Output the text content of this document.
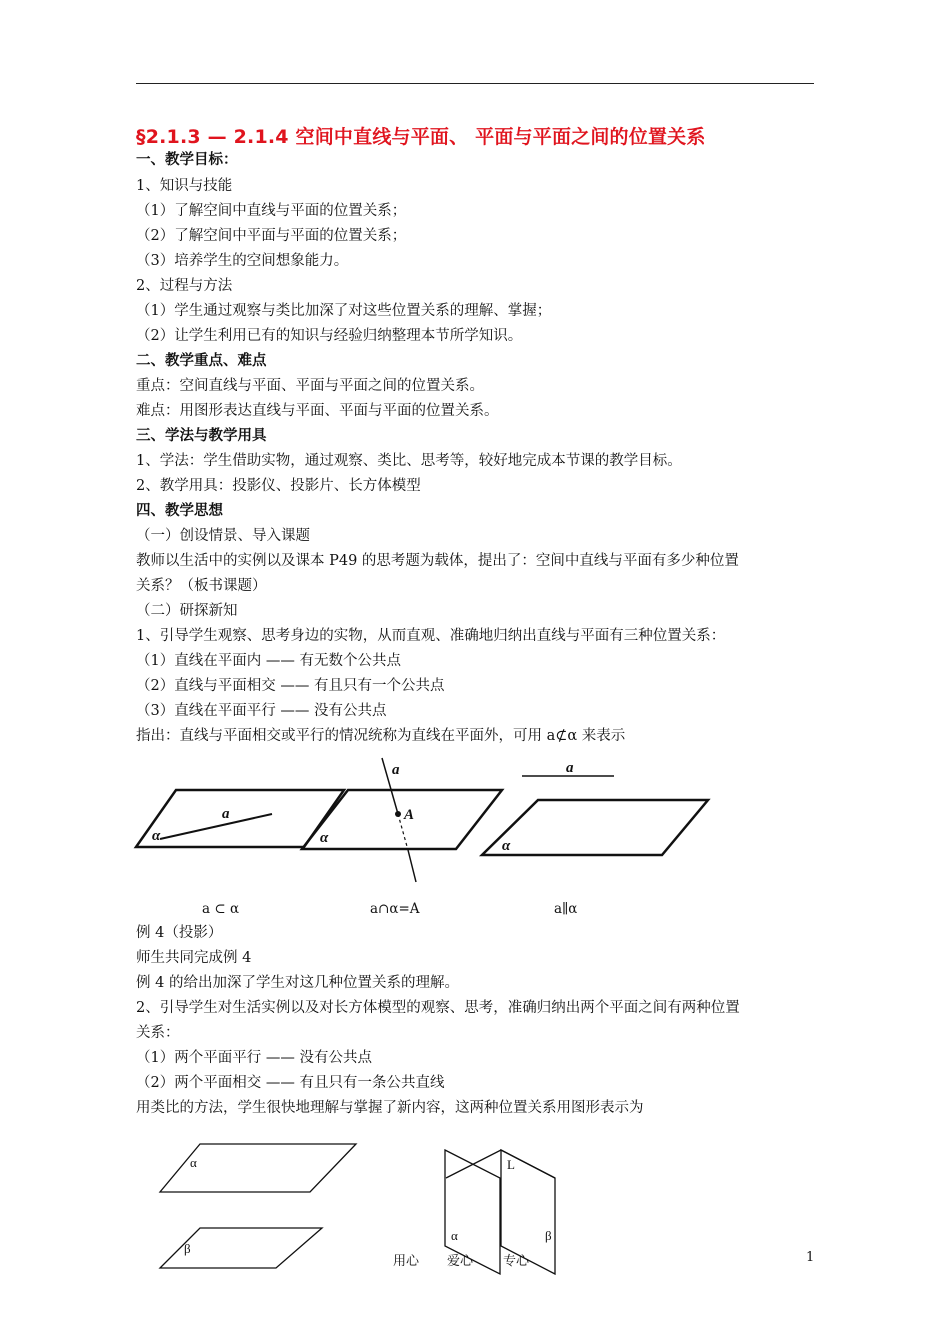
§2.1.3 — 2.1.4 空间中直线与平面、 平面与平面之间的位置关系
一、教学目标：
1、知识与技能
（1）了解空间中直线与平面的位置关系；
（2）了解空间中平面与平面的位置关系；
（3）培养学生的空间想象能力。
2、过程与方法
（1）学生通过观察与类比加深了对这些位置关系的理解、掌握；
（2）让学生利用已有的知识与经验归纳整理本节所学知识。
二、教学重点、难点
重点：空间直线与平面、平面与平面之间的位置关系。
难点：用图形表达直线与平面、平面与平面的位置关系。
三、学法与教学用具
1、学法：学生借助实物，通过观察、类比、思考等，较好地完成本节课的教学目标。
2、教学用具：投影仪、投影片、长方体模型
四、教学思想
（一）创设情景、导入课题
教师以生活中的实例以及课本 P49 的思考题为载体，提出了：空间中直线与平面有多少种位置
关系？（板书课题）
（二）研探新知
1、引导学生观察、思考身边的实物，从而直观、准确地归纳出直线与平面有三种位置关系：
（1）直线在平面内 —— 有无数个公共点
（2）直线与平面相交 —— 有且只有一个公共点
（3）直线在平面平行 —— 没有公共点
指出：直线与平面相交或平行的情况统称为直线在平面外，可用 a⊄α 来表示
a
α
a
A
α
a
α
a ⊂ α	a∩α=A	a∥α
例 4（投影）
师生共同完成例 4
例 4 的给出加深了学生对这几种位置关系的理解。
2、引导学生对生活实例以及对长方体模型的观察、思考，准确归纳出两个平面之间有两种位置
关系：
（1）两个平面平行 —— 没有公共点
（2）两个平面相交 —— 有且只有一条公共直线
用类比的方法，学生很快地理解与掌握了新内容，这两种位置关系用图形表示为
α
β
L
α	β
用心 爱心 专心	1
